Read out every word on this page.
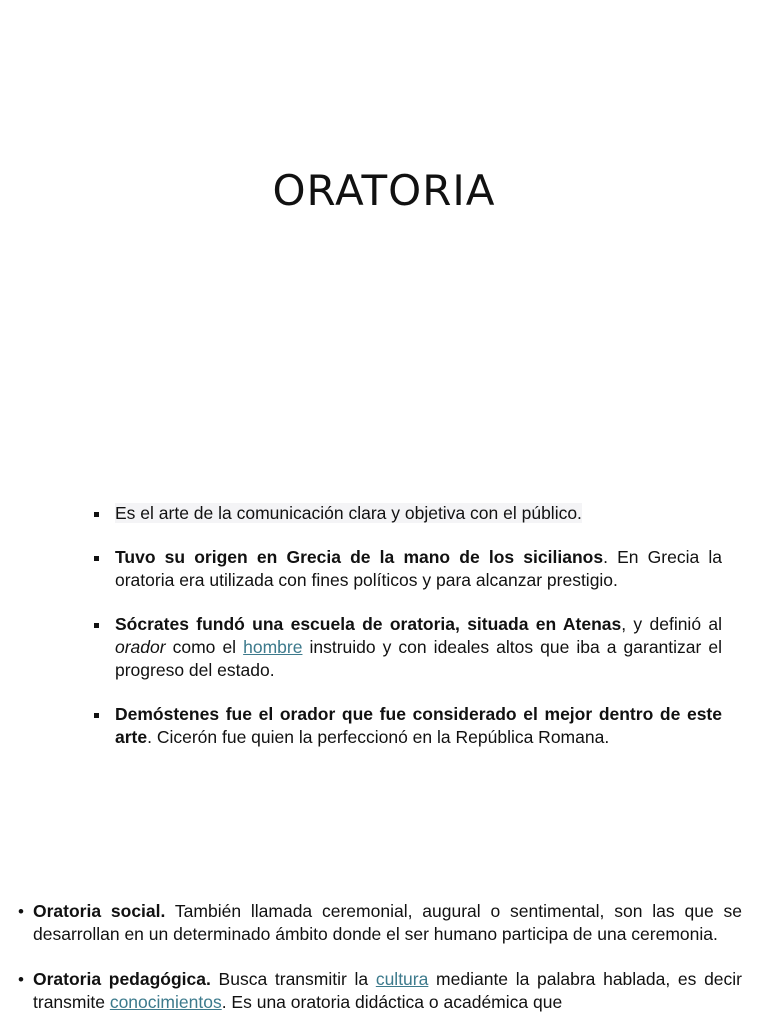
ORATORIA
Es el arte de la comunicación clara y objetiva con el público.
Tuvo su origen en Grecia de la mano de los sicilianos. En Grecia la oratoria era utilizada con fines políticos y para alcanzar prestigio.
Sócrates fundó una escuela de oratoria, situada en Atenas, y definió al orador como el hombre instruido y con ideales altos que iba a garantizar el progreso del estado.
Demóstenes fue el orador que fue considerado el mejor dentro de este arte. Cicerón fue quien la perfeccionó en la República Romana.
• Oratoria social. También llamada ceremonial, augural o sentimental, son las que se desarrollan en un determinado ámbito donde el ser humano participa de una ceremonia.
• Oratoria pedagógica. Busca transmitir la cultura mediante la palabra hablada, es decir transmite conocimientos. Es una oratoria didáctica o académica que
